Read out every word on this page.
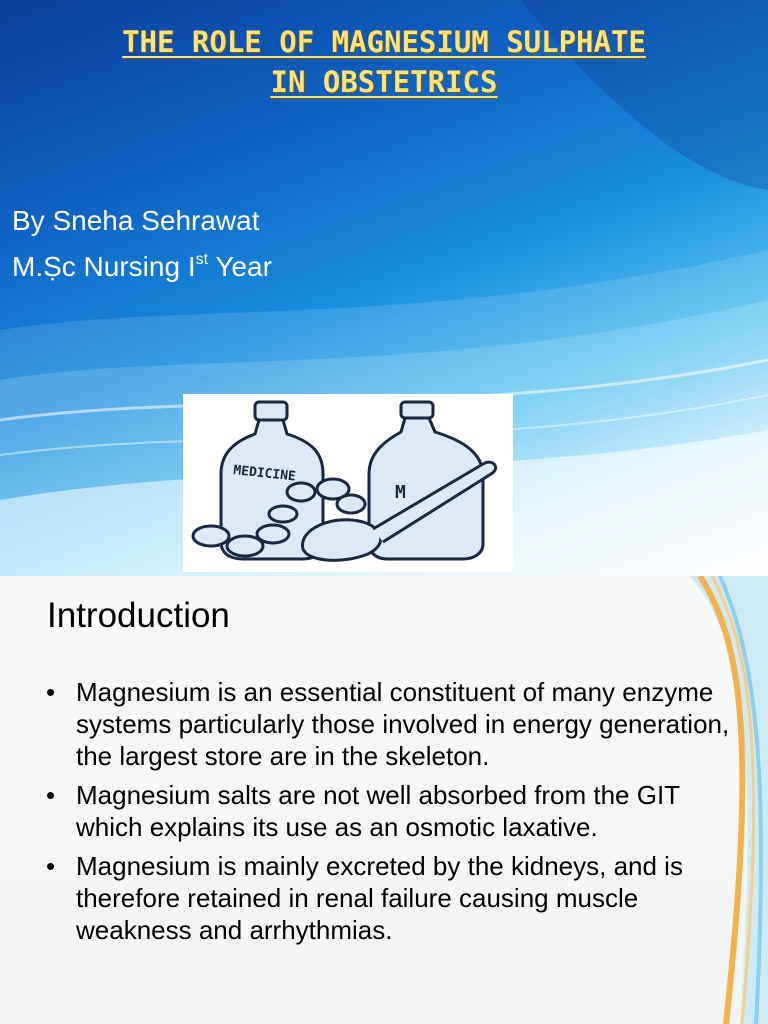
THE ROLE OF MAGNESIUM SULPHATE
IN OBSTETRICS
By Sneha Sehrawat
M.Ṣc Nursing Ist Year
MEDICINE
M
Introduction
• Magnesium is an essential constituent of many enzyme systems particularly those involved in energy generation, the largest store are in the skeleton.
• Magnesium salts are not well absorbed from the GIT which explains its use as an osmotic laxative.
• Magnesium is mainly excreted by the kidneys, and is therefore retained in renal failure causing muscle weakness and arrhythmias.
